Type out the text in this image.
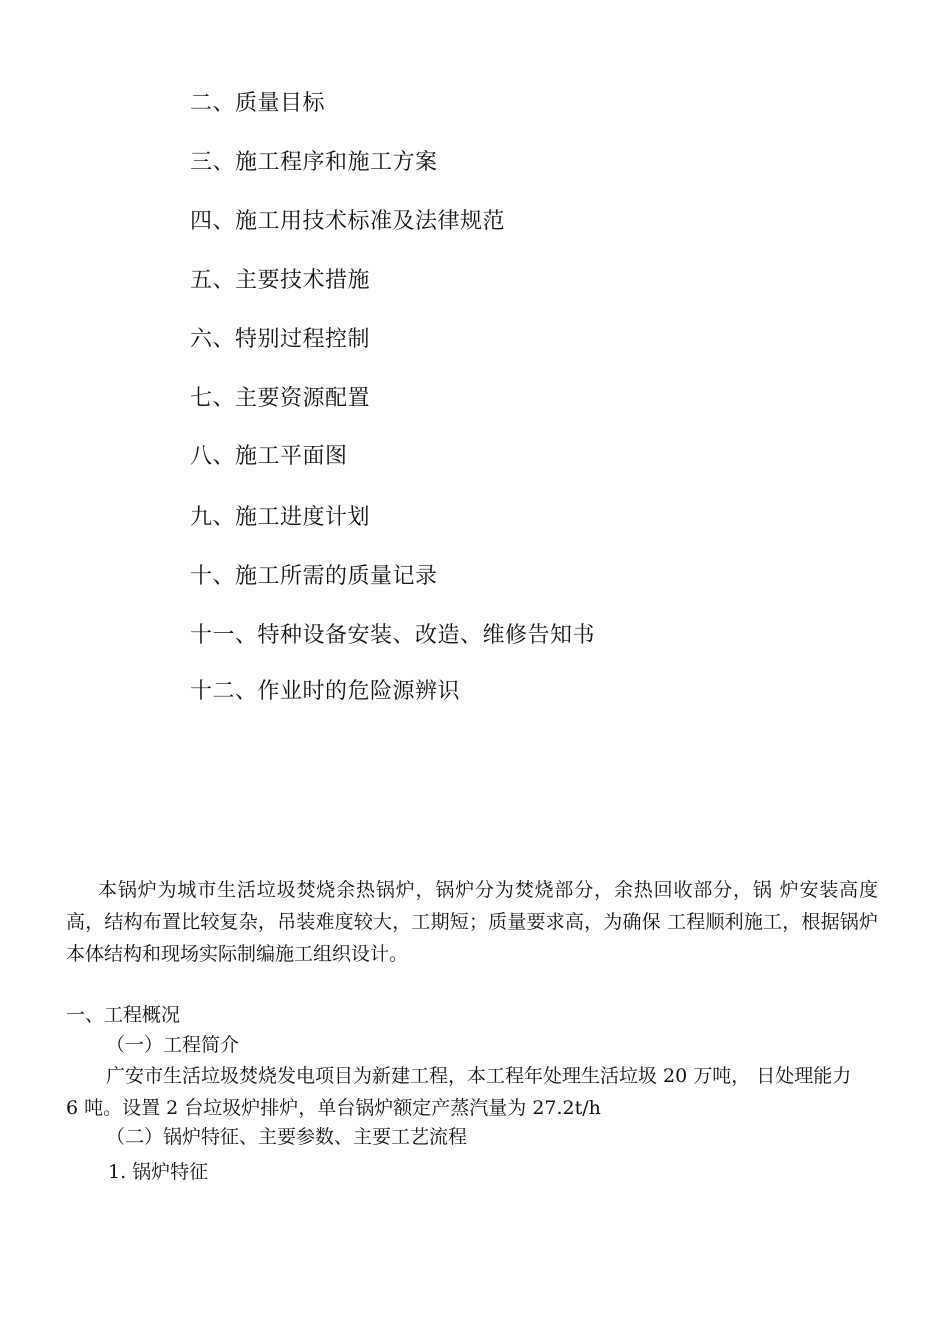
二、质量目标
三、施工程序和施工方案
四、施工用技术标准及法律规范
五、主要技术措施
六、特别过程控制
七、主要资源配置
八、施工平面图
九、施工进度计划
十、施工所需的质量记录
十一、特种设备安装、改造、维修告知书
十二、作业时的危险源辨识
本锅炉为城市生活垃圾焚烧余热锅炉，锅炉分为焚烧部分，余热回收部分，锅 炉安装高度高，结构布置比较复杂，吊装难度较大，工期短；质量要求高，为确保 工程顺利施工，根据锅炉本体结构和现场实际制编施工组织设计。
一、工程概况
（一）工程简介
广安市生活垃圾焚烧发电项目为新建工程，本工程年处理生活垃圾 20 万吨， 日处理能力 6 吨。设置 2 台垃圾炉排炉，单台锅炉额定产蒸汽量为 27.2t/h
（二）锅炉特征、主要参数、主要工艺流程
1. 锅炉特征
